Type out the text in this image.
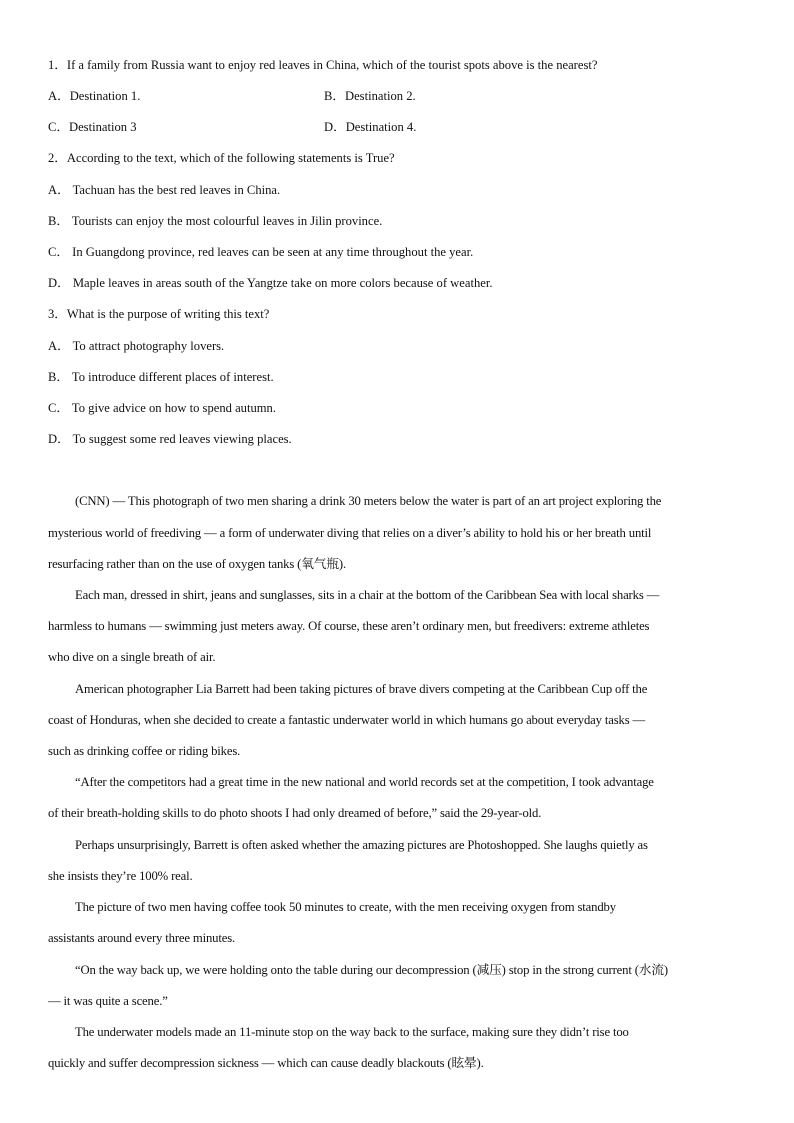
1．If a family from Russia want to enjoy red leaves in China, which of the tourist spots above is the nearest?
A．Destination 1.	B．Destination 2.
C．Destination 3	D．Destination 4.
2．According to the text, which of the following statements is True?
A． Tachuan has the best red leaves in China.
B． Tourists can enjoy the most colourful leaves in Jilin province.
C． In Guangdong province, red leaves can be seen at any time throughout the year.
D． Maple leaves in areas south of the Yangtze take on more colors because of weather.
3．What is the purpose of writing this text?
A． To attract photography lovers.
B． To introduce different places of interest.
C． To give advice on how to spend autumn.
D． To suggest some red leaves viewing places.
(CNN) — This photograph of two men sharing a drink 30 meters below the water is part of an art project exploring the
mysterious world of freediving — a form of underwater diving that relies on a diver’s ability to hold his or her breath until
resurfacing rather than on the use of oxygen tanks (氧气瓶).
Each man, dressed in shirt, jeans and sunglasses, sits in a chair at the bottom of the Caribbean Sea with local sharks —
harmless to humans — swimming just meters away. Of course, these aren’t ordinary men, but freedivers: extreme athletes
who dive on a single breath of air.
American photographer Lia Barrett had been taking pictures of brave divers competing at the Caribbean Cup off the
coast of Honduras, when she decided to create a fantastic underwater world in which humans go about everyday tasks —
such as drinking coffee or riding bikes.
“After the competitors had a great time in the new national and world records set at the competition, I took advantage
of their breath-holding skills to do photo shoots I had only dreamed of before,” said the 29-year-old.
Perhaps unsurprisingly, Barrett is often asked whether the amazing pictures are Photoshopped. She laughs quietly as
she insists they’re 100% real.
The picture of two men having coffee took 50 minutes to create, with the men receiving oxygen from standby
assistants around every three minutes.
“On the way back up, we were holding onto the table during our decompression (减压) stop in the strong current (水流)
— it was quite a scene.”
The underwater models made an 11-minute stop on the way back to the surface, making sure they didn’t rise too
quickly and suffer decompression sickness — which can cause deadly blackouts (眩晕).
